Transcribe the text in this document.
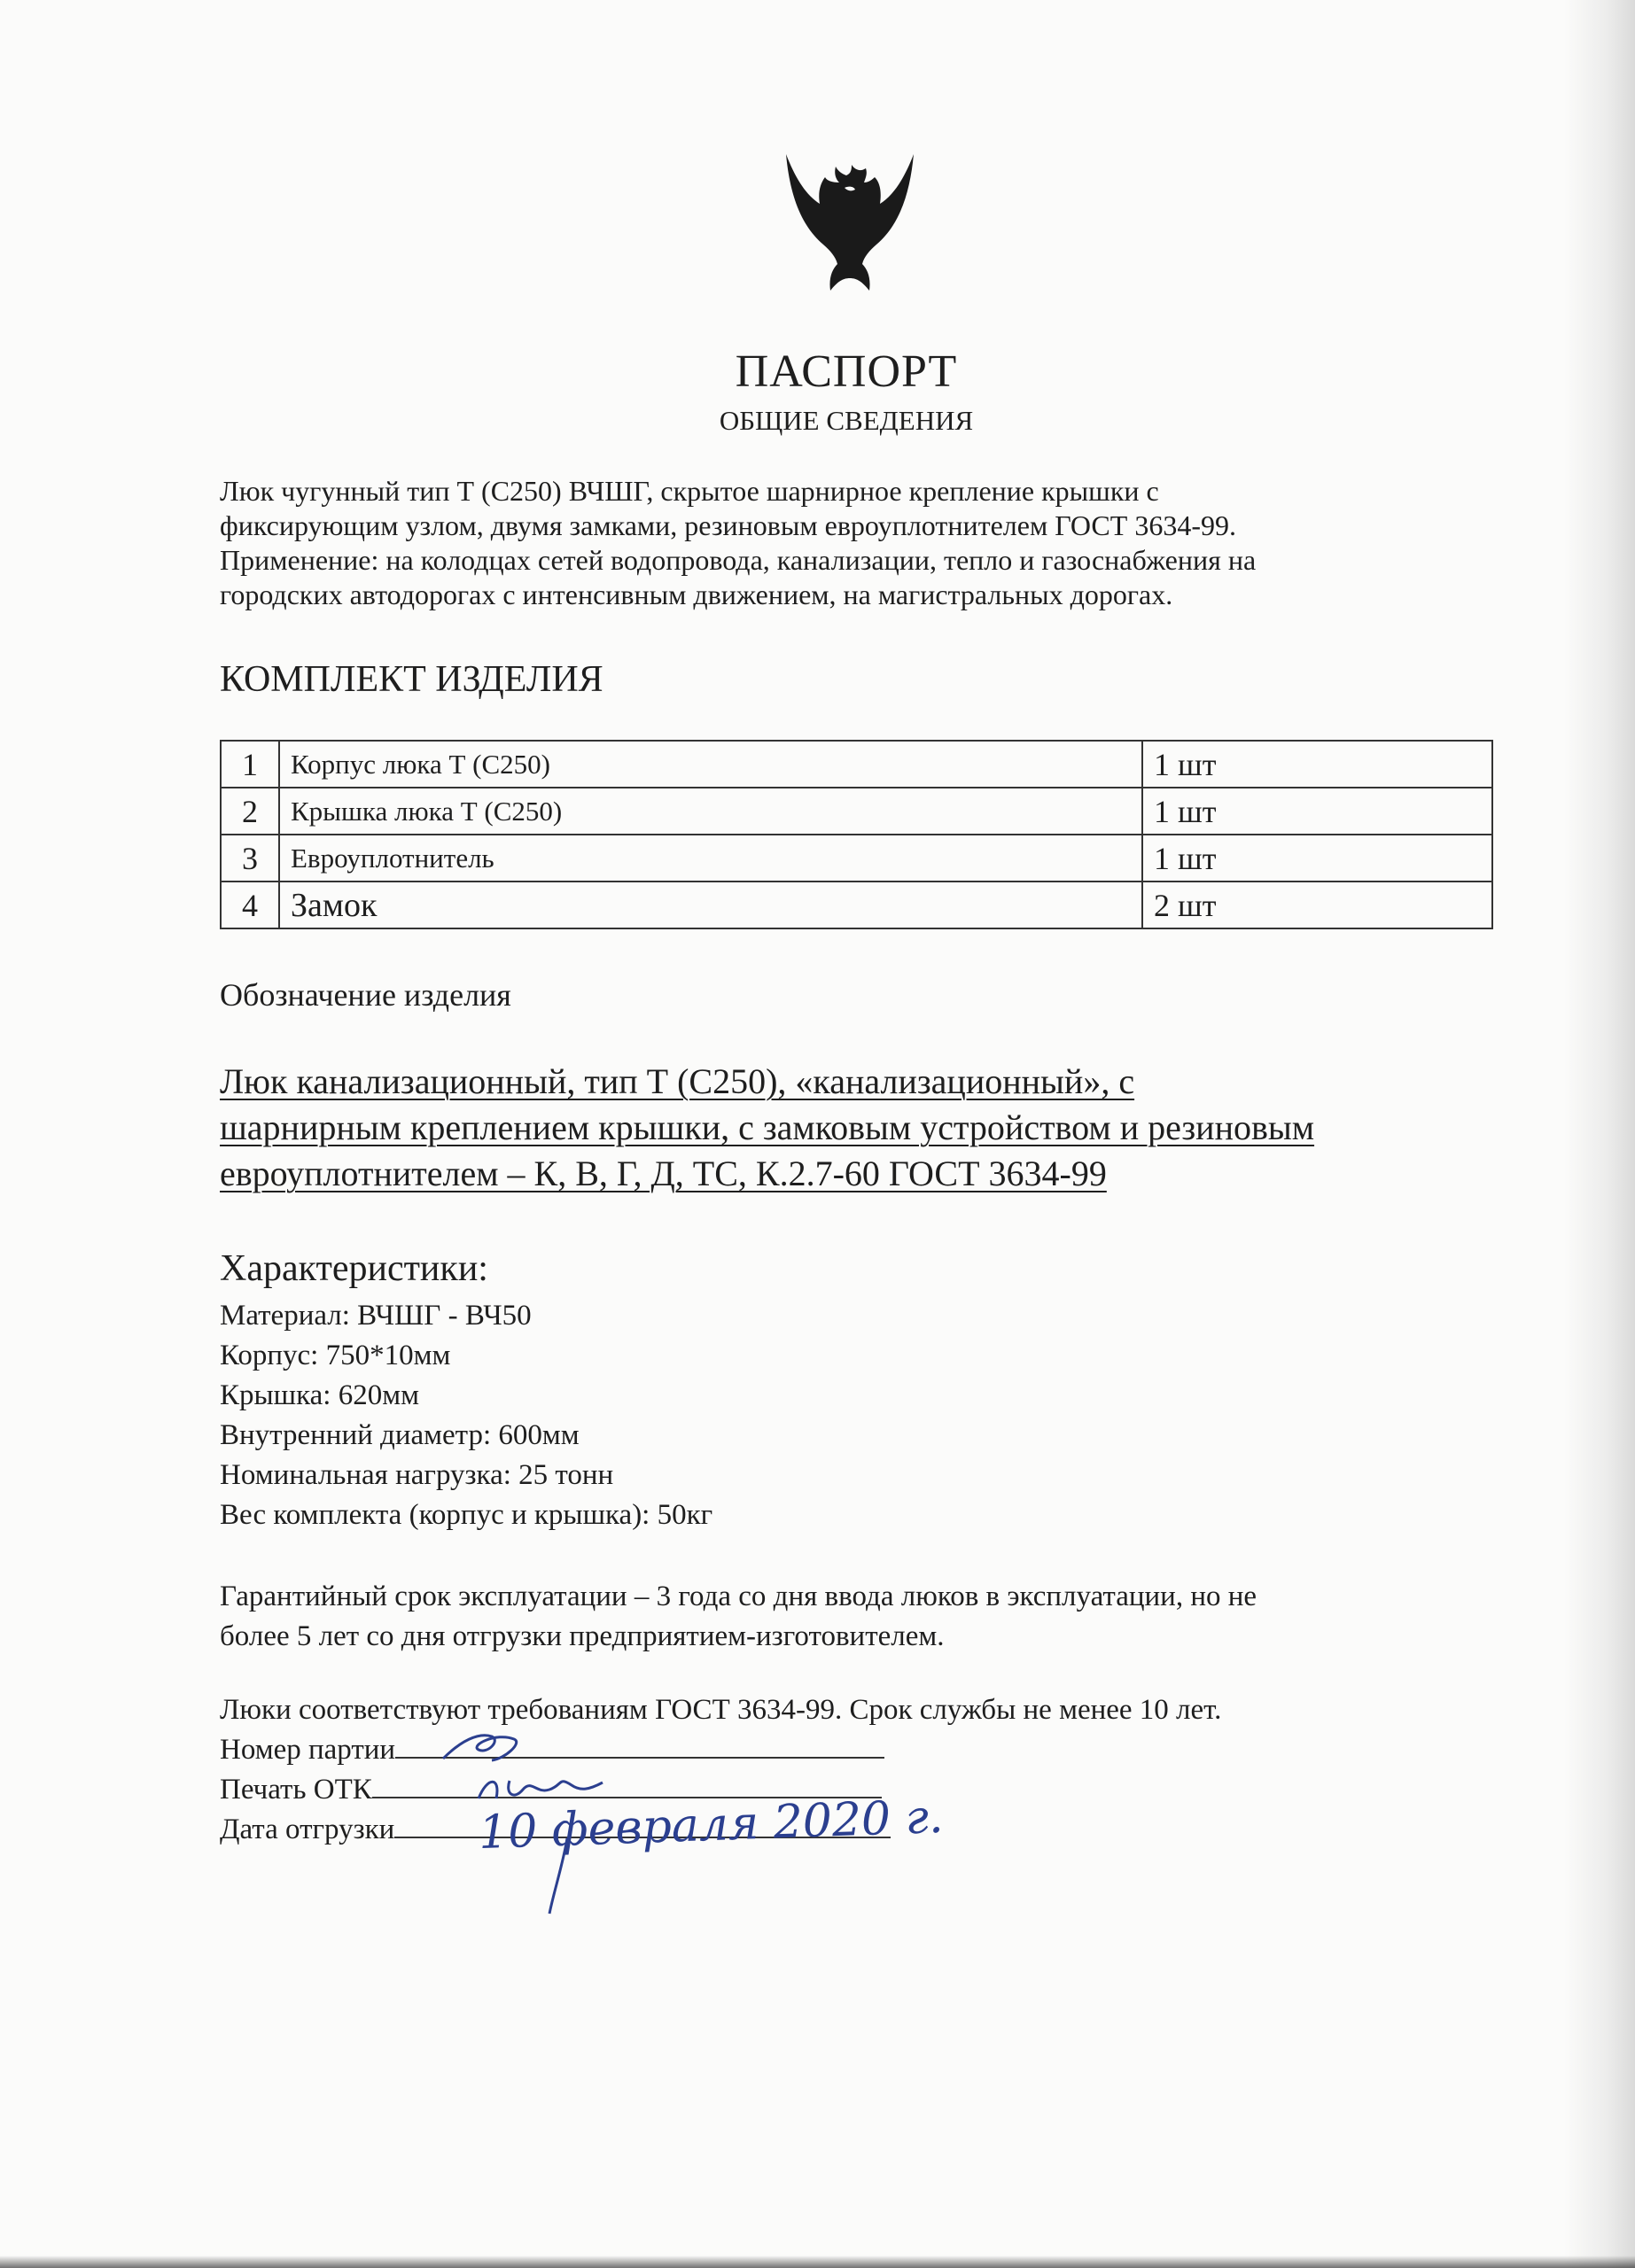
ПАСПОРТ
ОБЩИЕ СВЕДЕНИЯ

Люк чугунный тип Т (С250) ВЧШГ, скрытое шарнирное крепление крышки с

фиксирующим узлом, двумя замками, резиновым евроуплотнителем ГОСТ 3634-99.

Применение: на колодцах сетей водопровода, канализации, тепло и газоснабжения на

городских автодорогах с интенсивным движением, на магистральных дорогах.

КОМПЛЕКТ ИЗДЕЛИЯ
1	Корпус люка Т (С250)	1 шт
2	Крышка люка Т (С250)	1 шт
3	Евроуплотнитель	1 шт
4	Замок	2 шт
Обозначение изделия
Люк канализационный, тип Т (С250), «канализационный», с
шарнирным креплением крышки, с замковым устройством и резиновым
евроуплотнителем – К, В, Г, Д, ТС, К.2.7-60 ГОСТ 3634-99
Характеристики:
Материал: ВЧШГ - ВЧ50
Корпус: 750*10мм
Крышка: 620мм
Внутренний диаметр: 600мм
Номинальная нагрузка: 25 тонн
Вес комплекта (корпус и крышка): 50кг

Гарантийный срок эксплуатации – 3 года со дня ввода люков в эксплуатации, но не

более 5 лет со дня отгрузки предприятием-изготовителем.

Люки соответствуют требованиям ГОСТ 3634-99. Срок службы не менее 10 лет.
Номер партии
Печать ОТК
Дата отгрузки	10 февраля 2020 г.
